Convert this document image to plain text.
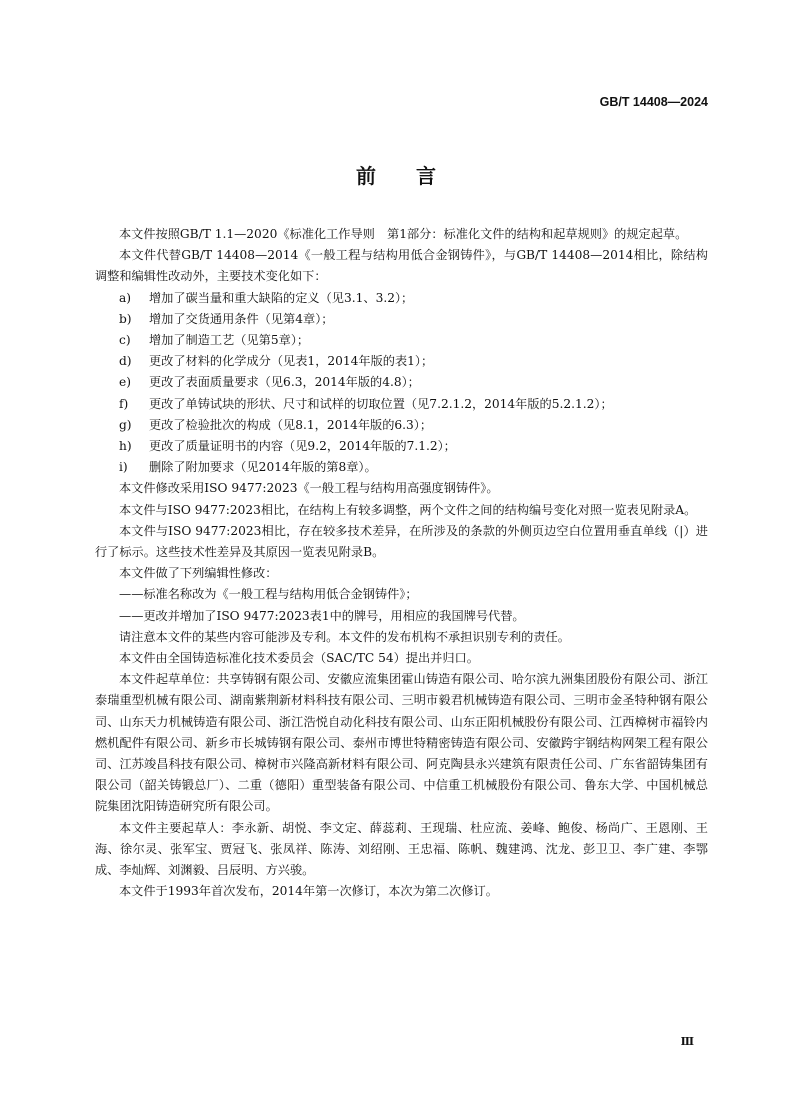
GB/T 14408—2024
前言

本文件按照GB/T 1.1—2020《标准化工作导则　第1部分：标准化文件的结构和起草规则》的规定起草。

本文件代替GB/T 14408—2014《一般工程与结构用低合金钢铸件》，与GB/T 14408—2014相比，除结构调整和编辑性改动外，主要技术变化如下：

a)	增加了碳当量和重大缺陷的定义（见3.1、3.2）；
b)	增加了交货通用条件（见第4章）；
c)	增加了制造工艺（见第5章）；
d)	更改了材料的化学成分（见表1，2014年版的表1）；
e)	更改了表面质量要求（见6.3，2014年版的4.8）；
f)	更改了单铸试块的形状、尺寸和试样的切取位置（见7.2.1.2，2014年版的5.2.1.2）；
g)	更改了检验批次的构成（见8.1，2014年版的6.3）；
h)	更改了质量证明书的内容（见9.2，2014年版的7.1.2）；
i)	删除了附加要求（见2014年版的第8章）。

本文件修改采用ISO 9477:2023《一般工程与结构用高强度钢铸件》。

本文件与ISO 9477:2023相比，在结构上有较多调整，两个文件之间的结构编号变化对照一览表见附录A。

本文件与ISO 9477:2023相比，存在较多技术差异，在所涉及的条款的外侧页边空白位置用垂直单线（|）进行了标示。这些技术性差异及其原因一览表见附录B。

本文件做了下列编辑性修改：

——标准名称改为《一般工程与结构用低合金钢铸件》；

——更改并增加了ISO 9477:2023表1中的牌号，用相应的我国牌号代替。

请注意本文件的某些内容可能涉及专利。本文件的发布机构不承担识别专利的责任。

本文件由全国铸造标准化技术委员会（SAC/TC 54）提出并归口。

本文件起草单位：共享铸钢有限公司、安徽应流集团霍山铸造有限公司、哈尔滨九洲集团股份有限公司、浙江泰瑞重型机械有限公司、湖南紫荆新材料科技有限公司、三明市毅君机械铸造有限公司、三明市金圣特种钢有限公司、山东天力机械铸造有限公司、浙江浩悦自动化科技有限公司、山东正阳机械股份有限公司、江西樟树市福铃内燃机配件有限公司、新乡市长城铸钢有限公司、泰州市博世特精密铸造有限公司、安徽跨宇钢结构网架工程有限公司、江苏竣昌科技有限公司、樟树市兴隆高新材料有限公司、阿克陶县永兴建筑有限责任公司、广东省韶铸集团有限公司（韶关铸锻总厂）、二重（德阳）重型装备有限公司、中信重工机械股份有限公司、鲁东大学、中国机械总院集团沈阳铸造研究所有限公司。

本文件主要起草人：李永新、胡悦、李文定、薛蕊莉、王现瑞、杜应流、姜峰、鲍俊、杨尚广、王恩刚、王海、徐尔灵、张军宝、贾冠飞、张凤祥、陈涛、刘绍刚、王忠福、陈帆、魏建鸿、沈龙、彭卫卫、李广建、李鄂成、李灿辉、刘渊毅、吕辰明、方兴骏。

本文件于1993年首次发布，2014年第一次修订，本次为第二次修订。

Ⅲ
